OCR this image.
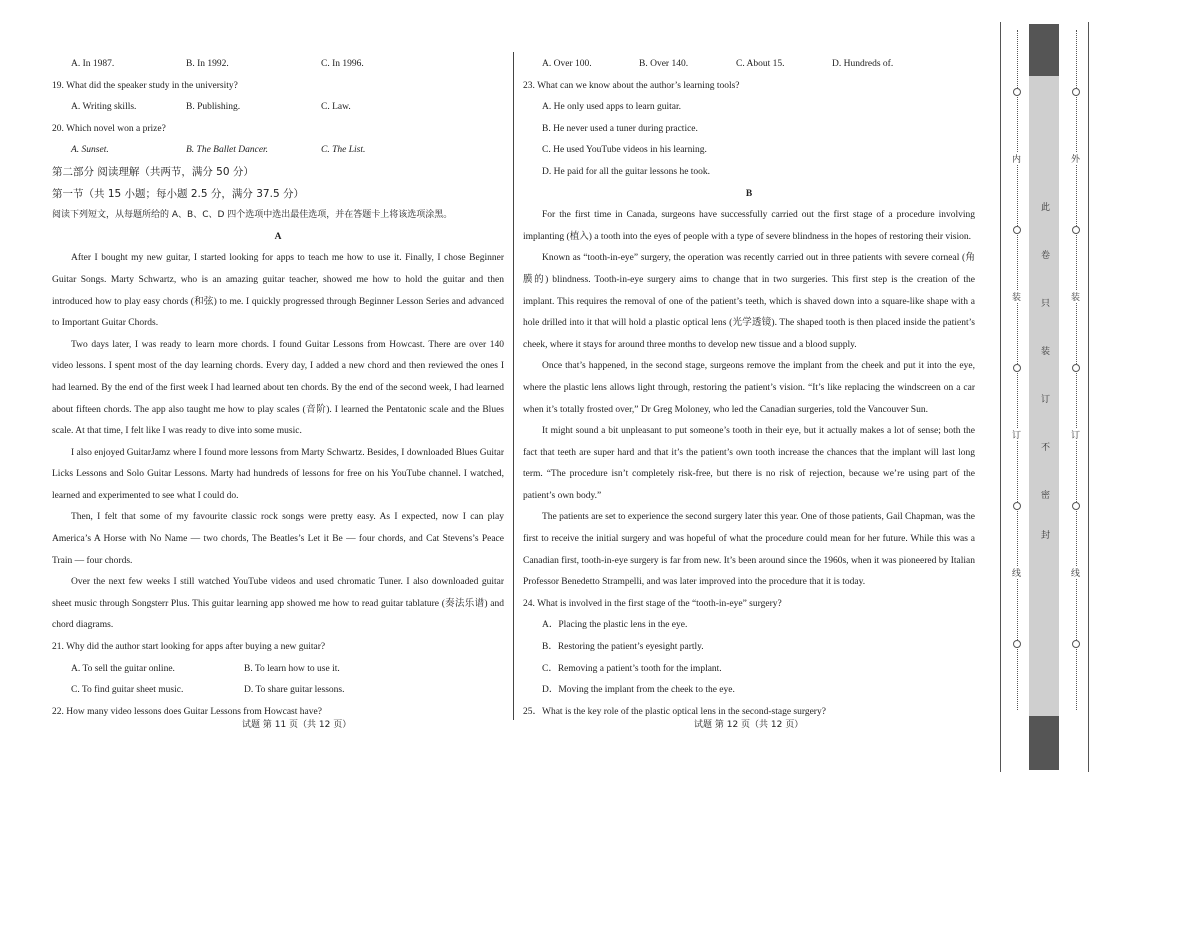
A. In 1987.	B. In 1992.	C. In 1996.
19. What did the speaker study in the university?
A. Writing skills.	B. Publishing.	C. Law.
20. Which novel won a prize?
A. Sunset.	B. The Ballet Dancer.	C. The List.
第二部分 阅读理解（共两节，满分 50 分）
第一节（共 15 小题；每小题 2.5 分，满分 37.5 分）
阅读下列短文，从每题所给的 A、B、C、D 四个选项中选出最佳选项，并在答题卡上将该选项涂黑。
A

After I bought my new guitar, I started looking for apps to teach me how to use it. Finally, I chose Beginner Guitar Songs. Marty Schwartz, who is an amazing guitar teacher, showed me how to hold the guitar and then introduced how to play easy chords (和弦) to me. I quickly progressed through Beginner Lesson Series and advanced to Important Guitar Chords.

Two days later, I was ready to learn more chords. I found Guitar Lessons from Howcast. There are over 140 video lessons. I spent most of the day learning chords. Every day, I added a new chord and then reviewed the ones I had learned. By the end of the first week I had learned about ten chords. By the end of the second week, I had learned about fifteen chords. The app also taught me how to play scales (音阶). I learned the Pentatonic scale and the Blues scale. At that time, I felt like I was ready to dive into some music.

I also enjoyed GuitarJamz where I found more lessons from Marty Schwartz. Besides, I downloaded Blues Guitar Licks Lessons and Solo Guitar Lessons. Marty had hundreds of lessons for free on his YouTube channel. I watched, learned and experimented to see what I could do.

Then, I felt that some of my favourite classic rock songs were pretty easy. As I expected, now I can play America’s A Horse with No Name — two chords, The Beatles’s Let it Be — four chords, and Cat Stevens’s Peace Train — four chords.

Over the next few weeks I still watched YouTube videos and used chromatic Tuner. I also downloaded guitar sheet music through Songsterr Plus. This guitar learning app showed me how to read guitar tablature (奏法乐谱) and chord diagrams.

21. Why did the author start looking for apps after buying a new guitar?
A. To sell the guitar online.	B. To learn how to use it.
C. To find guitar sheet music.	D. To share guitar lessons.
22. How many video lessons does Guitar Lessons from Howcast have?
试题 第 11 页（共 12 页）
A. Over 100.	B. Over 140.	C. About 15.	D. Hundreds of.
23. What can we know about the author’s learning tools?
A. He only used apps to learn guitar.
B. He never used a tuner during practice.
C. He used YouTube videos in his learning.
D. He paid for all the guitar lessons he took.
B

For the first time in Canada, surgeons have successfully carried out the first stage of a procedure involving implanting (植入) a tooth into the eyes of people with a type of severe blindness in the hopes of restoring their vision.

Known as “tooth-in-eye” surgery, the operation was recently carried out in three patients with severe corneal (角膜的) blindness. Tooth-in-eye surgery aims to change that in two surgeries. This first step is the creation of the implant. This requires the removal of one of the patient’s teeth, which is shaved down into a square-like shape with a hole drilled into it that will hold a plastic optical lens (光学透镜). The shaped tooth is then placed inside the patient’s cheek, where it stays for around three months to develop new tissue and a blood supply.

Once that’s happened, in the second stage, surgeons remove the implant from the cheek and put it into the eye, where the plastic lens allows light through, restoring the patient’s vision. “It’s like replacing the windscreen on a car when it’s totally frosted over,” Dr Greg Moloney, who led the Canadian surgeries, told the Vancouver Sun.

It might sound a bit unpleasant to put someone’s tooth in their eye, but it actually makes a lot of sense; both the fact that teeth are super hard and that it’s the patient’s own tooth increase the chances that the implant will last long term. “The procedure isn’t completely risk-free, but there is no risk of rejection, because we’re using part of the patient’s own body.”

The patients are set to experience the second surgery later this year. One of those patients, Gail Chapman, was the first to receive the initial surgery and was hopeful of what the procedure could mean for her future. While this was a Canadian first, tooth-in-eye surgery is far from new. It’s been around since the 1960s, when it was pioneered by Italian Professor Benedetto Strampelli, and was later improved into the procedure that it is today.

24. What is involved in the first stage of the “tooth-in-eye” surgery?
A．Placing the plastic lens in the eye.
B．Restoring the patient’s eyesight partly.
C．Removing a patient’s tooth for the implant.
D．Moving the implant from the cheek to the eye.
25．What is the key role of the plastic optical lens in the second-stage surgery?
试题 第 12 页（共 12 页）
内
装
订
线
外
装
订
线
此
卷
只
装
订
不
密
封
